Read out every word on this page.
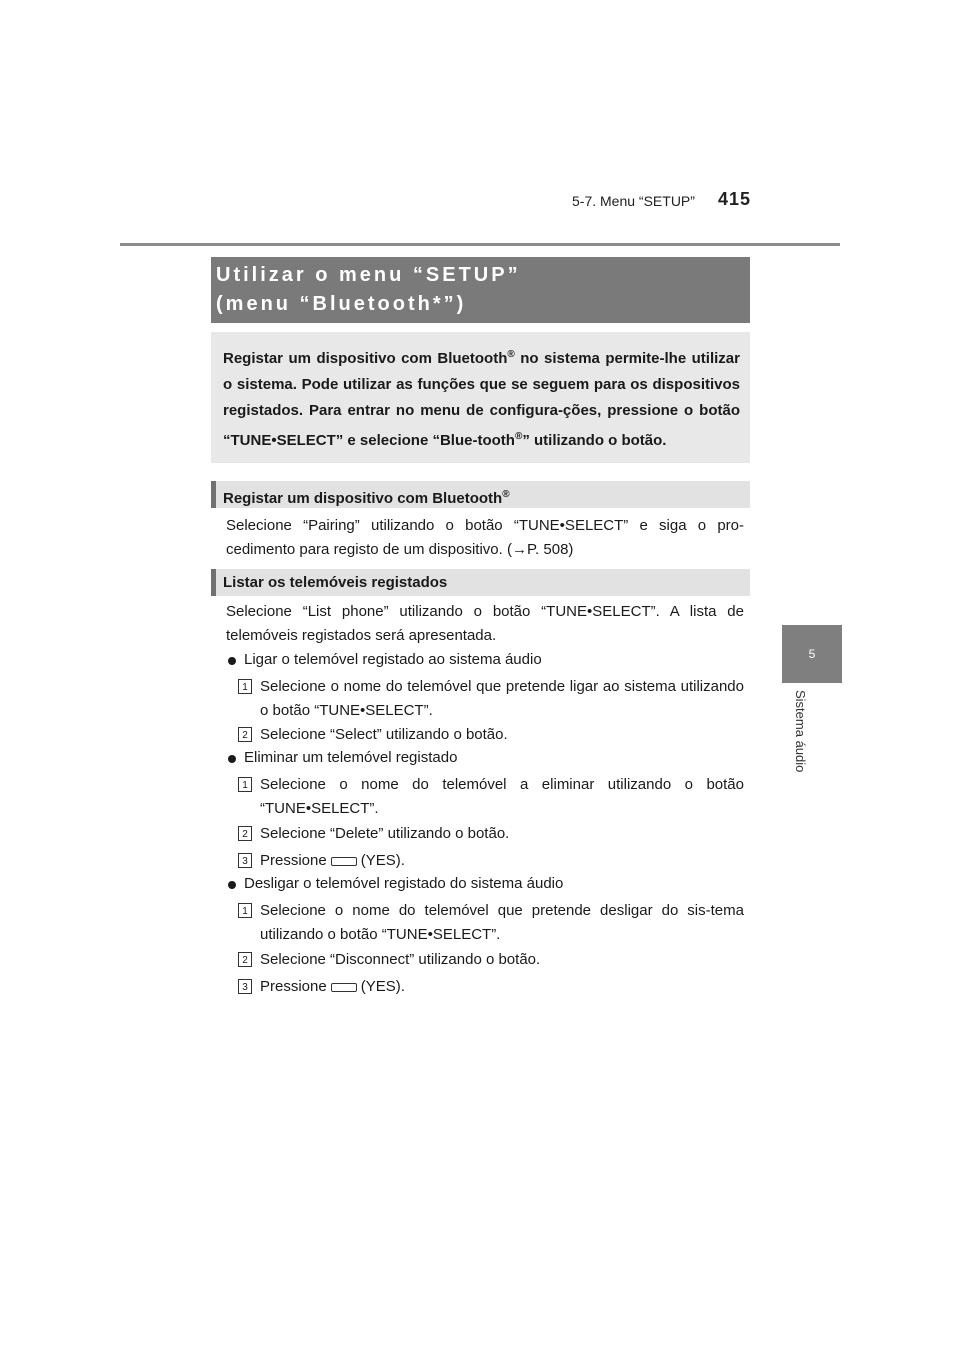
5-7. Menu “SETUP” 415
5
Sistema áudio
Utilizar o menu “SETUP”
(menu “Bluetooth*”)
Registar um dispositivo com Bluetooth® no sistema permite-lhe utilizar o sistema. Pode utilizar as funções que se seguem para os dispositivos registados. Para entrar no menu de configura-ções, pressione o botão “TUNE•SELECT” e selecione “Blue-tooth®” utilizando o botão.
Registar um dispositivo com Bluetooth®
Selecione “Pairing” utilizando o botão “TUNE•SELECT” e siga o pro-cedimento para registo de um dispositivo. (→P. 508)
Listar os telemóveis registados
Selecione “List phone” utilizando o botão “TUNE•SELECT”. A lista de telemóveis registados será apresentada.
Ligar o telemóvel registado ao sistema áudio
1 Selecione o nome do telemóvel que pretende ligar ao sistema utilizando o botão “TUNE•SELECT”.
2 Selecione “Select” utilizando o botão.
Eliminar um telemóvel registado
1 Selecione o nome do telemóvel a eliminar utilizando o botão “TUNE•SELECT”.
2 Selecione “Delete” utilizando o botão.
3 Pressione (YES).
Desligar o telemóvel registado do sistema áudio
1 Selecione o nome do telemóvel que pretende desligar do sis-tema utilizando o botão “TUNE•SELECT”.
2 Selecione “Disconnect” utilizando o botão.
3 Pressione (YES).
